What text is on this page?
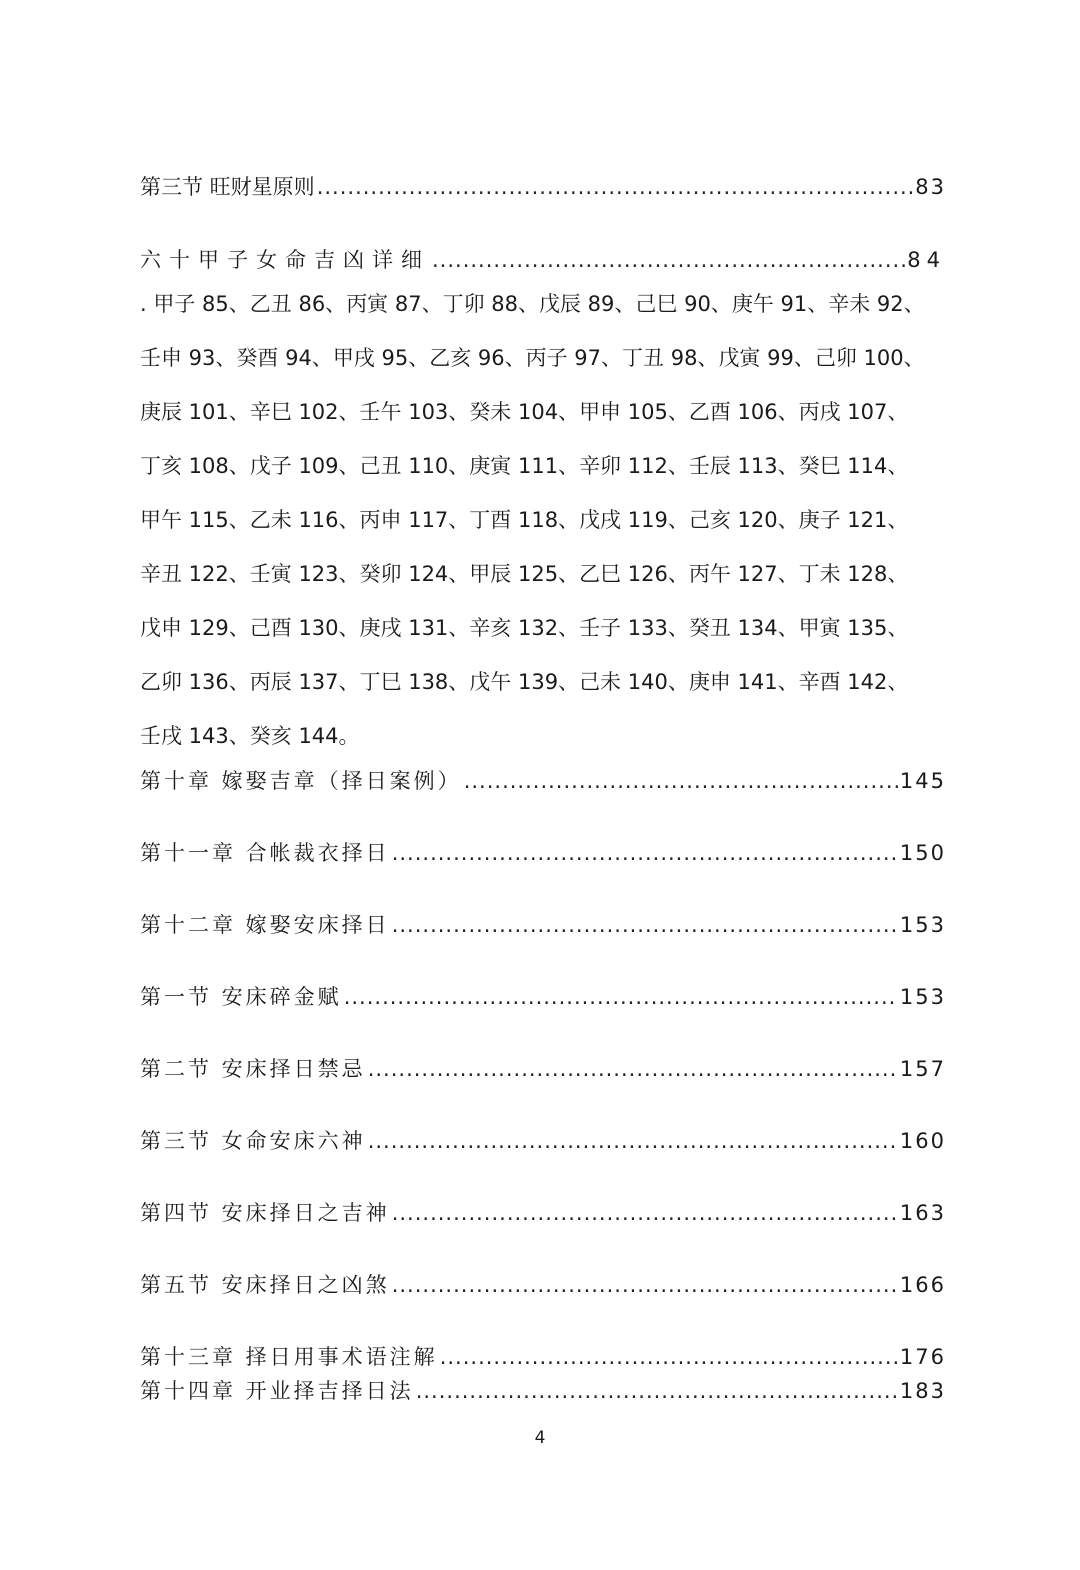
第三节 旺财星原则 .....	83
六十甲子女命吉凶详细 .....	84
. 甲子 85、乙丑 86、丙寅 87、丁卯 88、戊辰 89、己巳 90、庚午 91、辛未 92、壬申 93、癸酉 94、甲戌 95、乙亥 96、丙子 97、丁丑 98、戊寅 99、己卯 100、庚辰 101、辛巳 102、壬午 103、癸未 104、甲申 105、乙酉 106、丙戌 107、丁亥 108、戊子 109、己丑 110、庚寅 111、辛卯 112、壬辰 113、癸巳 114、甲午 115、乙未 116、丙申 117、丁酉 118、戊戌 119、己亥 120、庚子 121、辛丑 122、壬寅 123、癸卯 124、甲辰 125、乙巳 126、丙午 127、丁未 128、戊申 129、己酉 130、庚戌 131、辛亥 132、壬子 133、癸丑 134、甲寅 135、乙卯 136、丙辰 137、丁巳 138、戊午 139、己未 140、庚申 141、辛酉 142、壬戌 143、癸亥 144。
第十章 嫁娶吉章（择日案例） .....	145
第十一章 合帐裁衣择日 .....	150
第十二章 嫁娶安床择日 .....	153
第一节 安床碎金赋 .....	153
第二节 安床择日禁忌 .....	157
第三节 女命安床六神 .....	160
第四节 安床择日之吉神 .....	163
第五节 安床择日之凶煞 .....	166
第十三章 择日用事术语注解 .....	176
第十四章 开业择吉择日法 .....	183
4
